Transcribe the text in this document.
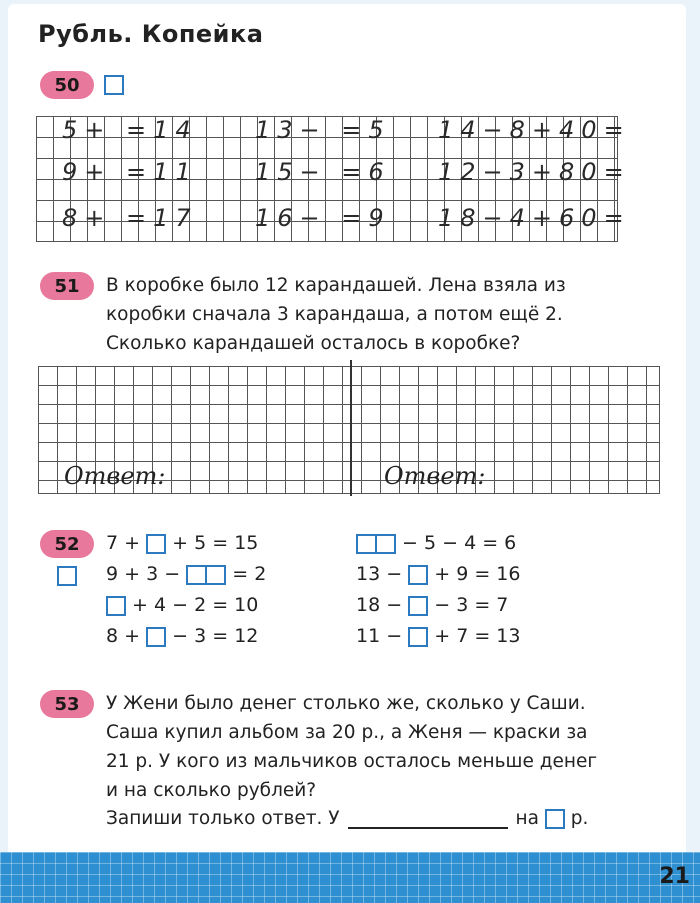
21
Рубль. Копейка
50
5+ =14 13− =5 14−8+40=
9+ =11 15− =6 12−3+80=
8+ =17 16− =9 18−4+60=
51	В коробке было 12 карандашей. Лена взяла из
коробки сначала 3 карандаша, а потом ещё 2.
Сколько карандашей осталось в коробке?
Ответ:	Ответ:
52	7 + + 5 = 15
9 + 3 −	= 2
+ 4 − 2 = 10
8 + − 3 = 12
− 5 − 4 = 6
13 − + 9 = 16
18 − − 3 = 7
11 − + 7 = 13
53	У Жени было денег столько же, сколько у Саши.
Саша купил альбом за 20 р., а Женя — краски за
21 р. У кого из мальчиков осталось меньше денег
и на сколько рублей?
Запиши только ответ. У	на р.
